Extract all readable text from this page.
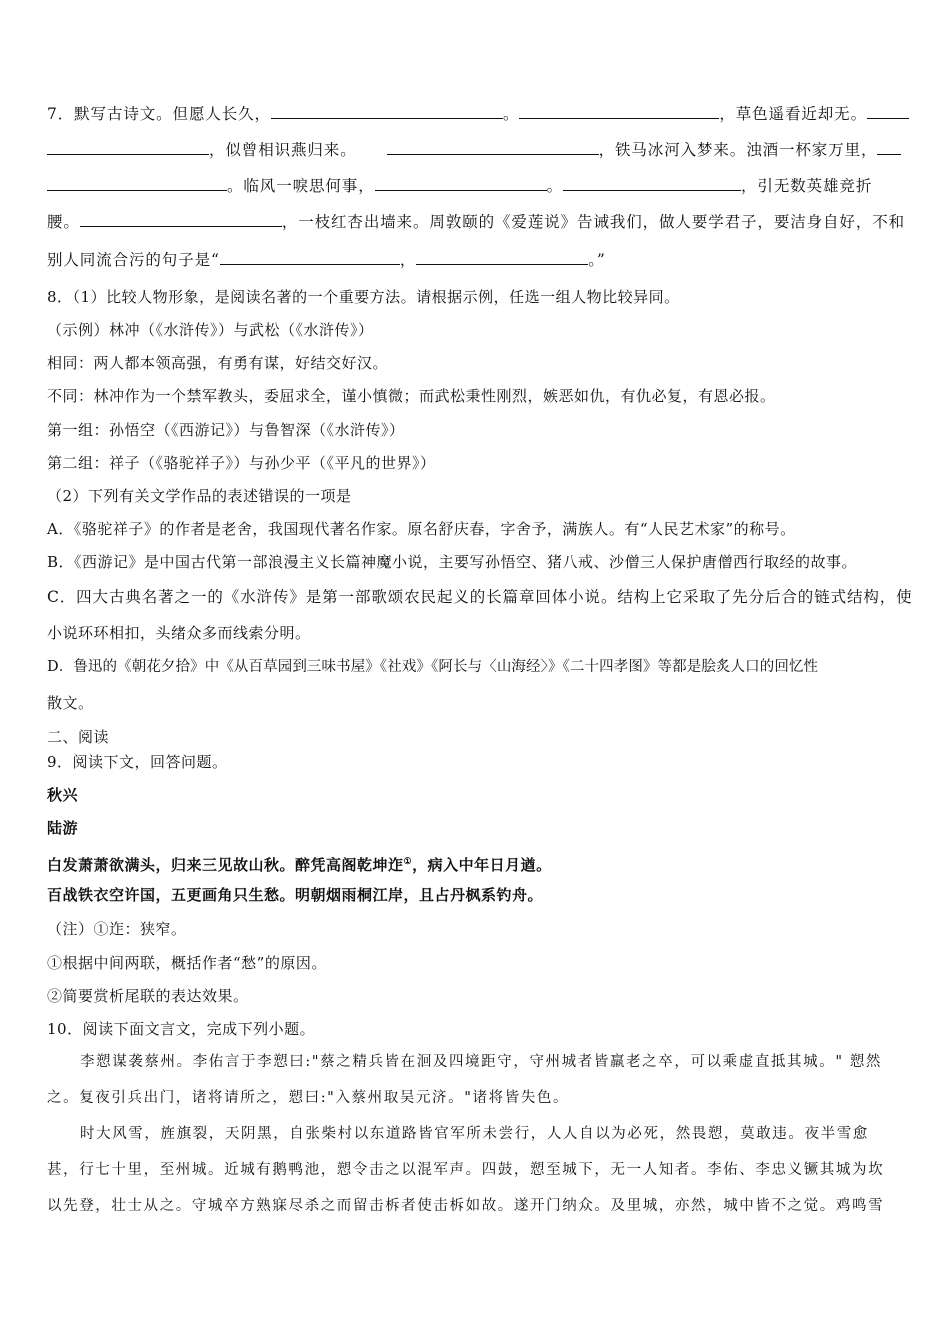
7．默写古诗文。但愿人长久，	。	，草色遥看近却无。
，似曾相识燕归来。	，铁马冰河入梦来。浊酒一杯家万里，
。临风一唳思何事，	。	，引无数英雄竞折
腰。	，一枝红杏出墙来。周敦颐的《爱莲说》告诫我们，做人要学君子，要洁身自好，不和
别人同流合污的句子是“	，	。”
8．（1）比较人物形象，是阅读名著的一个重要方法。请根据示例，任选一组人物比较异同。
（示例）林冲（《水浒传》）与武松（《水浒传》）
相同：两人都本领高强，有勇有谋，好结交好汉。
不同：林冲作为一个禁军教头，委屈求全，谨小慎微；而武松秉性刚烈，嫉恶如仇，有仇必复，有恩必报。
第一组：孙悟空（《西游记》）与鲁智深（《水浒传》）
第二组：祥子（《骆驼祥子》）与孙少平（《平凡的世界》）
（2）下列有关文学作品的表述错误的一项是
A．《骆驼祥子》的作者是老舍，我国现代著名作家。原名舒庆春，字舍予，满族人。有“人民艺术家”的称号。
B．《西游记》是中国古代第一部浪漫主义长篇神魔小说，主要写孙悟空、猪八戒、沙僧三人保护唐僧西行取经的故事。
C．四大古典名著之一的《水浒传》是第一部歌颂农民起义的长篇章回体小说。结构上它采取了先分后合的链式结构，使
小说环环相扣，头绪众多而线索分明。
D．鲁迅的《朝花夕拾》中《从百草园到三味书屋》《社戏》《阿长与〈山海经〉》《二十四孝图》等都是脍炙人口的回忆性
散文。
二、阅读
9．阅读下文，回答问题。
秋兴
陆游
白发萧萧欲满头，归来三见故山秋。醉凭高阁乾坤迮①，病入中年日月遒。
百战铁衣空许国，五更画角只生愁。明朝烟雨桐江岸，且占丹枫系钓舟。
（注）①迮：狭窄。
①根据中间两联，概括作者“愁”的原因。
②简要赏析尾联的表达效果。
10．阅读下面文言文，完成下列小题。
李愬谋袭蔡州。李佑言于李愬曰:"蔡之精兵皆在洄及四境距守，守州城者皆羸老之卒，可以乘虚直抵其城。" 愬然
之。复夜引兵出门，诸将请所之，愬曰:"入蔡州取吴元济。"诸将皆失色。
时大风雪，旌旗裂，天阴黑，自张柴村以东道路皆官军所未尝行，人人自以为必死，然畏愬，莫敢违。夜半雪愈
甚，行七十里，至州城。近城有鹅鸭池，愬令击之以混军声。四鼓，愬至城下，无一人知者。李佑、李忠义镢其城为坎
以先登，壮士从之。守城卒方熟寐尽杀之而留击柝者使击柝如故。遂开门纳众。及里城，亦然，城中皆不之觉。鸡鸣雪
